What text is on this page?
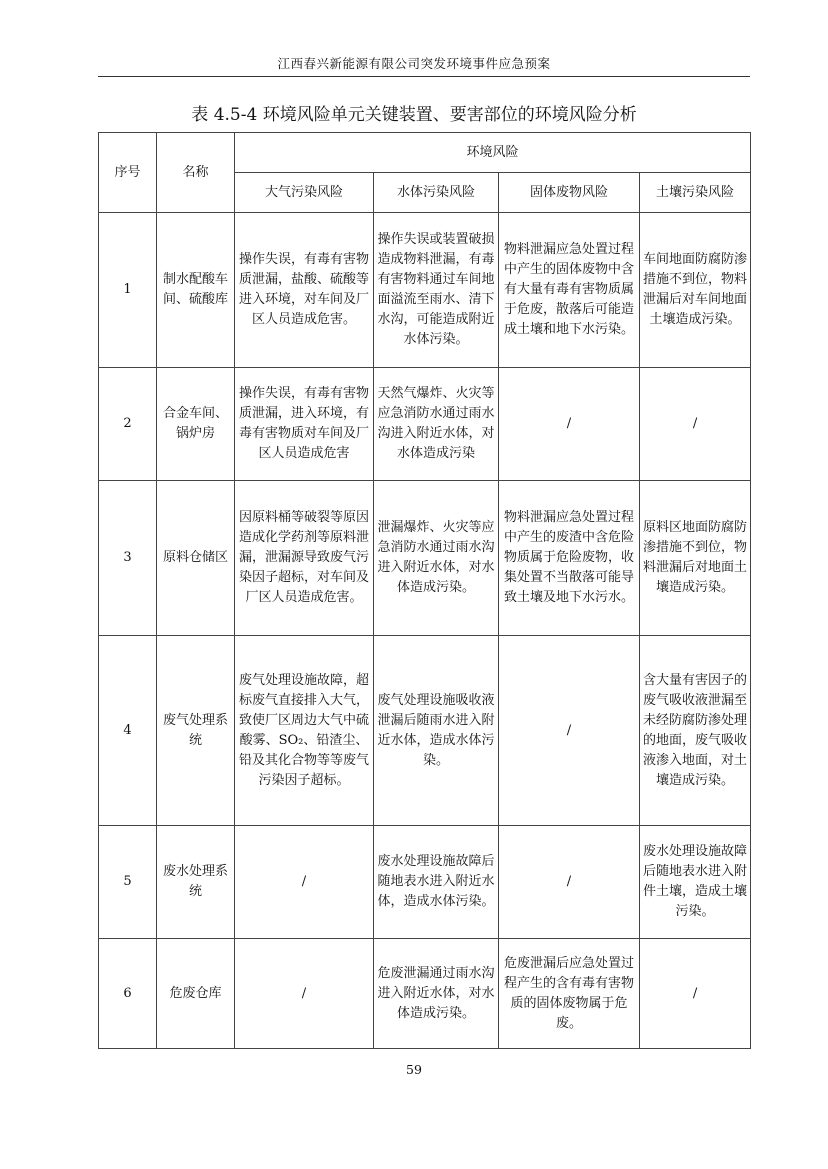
江西春兴新能源有限公司突发环境事件应急预案
表 4.5-4 环境风险单元关键装置、要害部位的环境风险分析
序号	名称	环境风险			
		大气污染风险	水体污染风险	固体废物风险	土壤污染风险
1	制水配酸车间、硫酸库	操作失误，有毒有害物质泄漏，盐酸、硫酸等进入环境，对车间及厂区人员造成危害。	操作失误或装置破损造成物料泄漏，有毒有害物料通过车间地面溢流至雨水、清下水沟，可能造成附近水体污染。	物料泄漏应急处置过程中产生的固体废物中含有大量有毒有害物质属于危废，散落后可能造成土壤和地下水污染。	车间地面防腐防渗措施不到位，物料泄漏后对车间地面土壤造成污染。
2	合金车间、锅炉房	操作失误，有毒有害物质泄漏，进入环境，有毒有害物质对车间及厂区人员造成危害	天然气爆炸、火灾等应急消防水通过雨水沟进入附近水体，对水体造成污染	/	/
3	原料仓储区	因原料桶等破裂等原因造成化学药剂等原料泄漏，泄漏源导致废气污染因子超标，对车间及厂区人员造成危害。	泄漏爆炸、火灾等应急消防水通过雨水沟进入附近水体，对水体造成污染。	物料泄漏应急处置过程中产生的废渣中含危险物质属于危险废物，收集处置不当散落可能导致土壤及地下水污水。	原料区地面防腐防渗措施不到位，物料泄漏后对地面土壤造成污染。
4	废气处理系统	废气处理设施故障，超标废气直接排入大气，致使厂区周边大气中硫酸雾、SO₂、铅渣尘、铅及其化合物等等废气污染因子超标。	废气处理设施吸收液泄漏后随雨水进入附近水体，造成水体污染。	/	含大量有害因子的废气吸收液泄漏至未经防腐防渗处理的地面，废气吸收液渗入地面，对土壤造成污染。
5	废水处理系统	/	废水处理设施故障后随地表水进入附近水体，造成水体污染。	/	废水处理设施故障后随地表水进入附件土壤，造成土壤污染。
6	危废仓库	/	危废泄漏通过雨水沟进入附近水体，对水体造成污染。	危废泄漏后应急处置过程产生的含有毒有害物质的固体废物属于危废。	/
59
